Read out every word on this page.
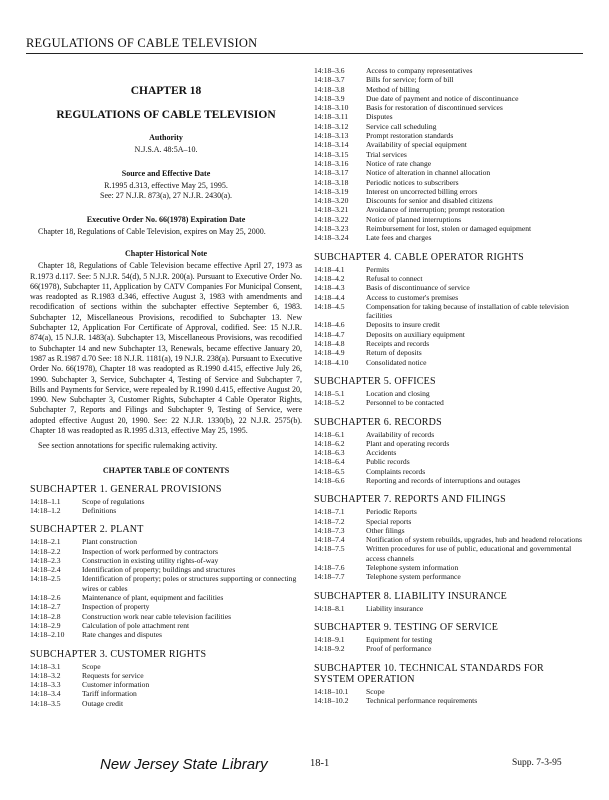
REGULATIONS OF CABLE TELEVISION
CHAPTER 18
REGULATIONS OF CABLE TELEVISION
Authority
N.J.S.A. 48:5A–10.
Source and Effective Date
R.1995 d.313, effective May 25, 1995.
See: 27 N.J.R. 873(a), 27 N.J.R. 2430(a).
Executive Order No. 66(1978) Expiration Date
Chapter 18, Regulations of Cable Television, expires on May 25, 2000.
Chapter Historical Note
Chapter 18, Regulations of Cable Television became effective April 27, 1973 as R.1973 d.117. See: 5 N.J.R. 54(d), 5 N.J.R. 200(a). Pursuant to Executive Order No. 66(1978), Subchapter 11, Application by CATV Companies For Municipal Consent, was readopted as R.1983 d.346, effective August 3, 1983 with amendments and recodification of sections within the subchapter effective September 6, 1983. Subchapter 12, Miscellaneous Provisions, recodified to Subchapter 13. New Subchapter 12, Application For Certificate of Approval, codified. See: 15 N.J.R. 874(a), 15 N.J.R. 1483(a). Subchapter 13, Miscellaneous Provisions, was recodified to Subchapter 14 and new Subchapter 13, Renewals, became effective January 20, 1987 as R.1987 d.70 See: 18 N.J.R. 1181(a), 19 N.J.R. 238(a). Pursuant to Executive Order No. 66(1978), Chapter 18 was readopted as R.1990 d.415, effective July 26, 1990. Subchapter 3, Service, Subchapter 4, Testing of Service and Subchapter 7, Bills and Payments for Service, were repealed by R.1990 d.415, effective August 20, 1990. New Subchapter 3, Customer Rights, Subchapter 4 Cable Operator Rights, Subchapter 7, Reports and Filings and Subchapter 9, Testing of Service, were adopted effective August 20, 1990. See: 22 N.J.R. 1330(b), 22 N.J.R. 2575(b). Chapter 18 was readopted as R.1995 d.313, effective May 25, 1995.
See section annotations for specific rulemaking activity.
CHAPTER TABLE OF CONTENTS
SUBCHAPTER 1. GENERAL PROVISIONS
14:18–1.1	Scope of regulations
14:18–1.2	Definitions
SUBCHAPTER 2. PLANT
14:18–2.1	Plant construction
14:18–2.2	Inspection of work performed by contractors
14:18–2.3	Construction in existing utility rights-of-way
14:18–2.4	Identification of property; buildings and structures
14:18–2.5	Identification of property; poles or structures supporting or connecting wires or cables
14:18–2.6	Maintenance of plant, equipment and facilities
14:18–2.7	Inspection of property
14:18–2.8	Construction work near cable television facilities
14:18–2.9	Calculation of pole attachment rent
14:18–2.10	Rate changes and disputes
SUBCHAPTER 3. CUSTOMER RIGHTS
14:18–3.1	Scope
14:18–3.2	Requests for service
14:18–3.3	Customer information
14:18–3.4	Tariff information
14:18–3.5	Outage credit
14:18–3.6	Access to company representatives
14:18–3.7	Bills for service; form of bill
14:18–3.8	Method of billing
14:18–3.9	Due date of payment and notice of discontinuance
14:18–3.10	Basis for restoration of discontinued services
14:18–3.11	Disputes
14:18–3.12	Service call scheduling
14:18–3.13	Prompt restoration standards
14:18–3.14	Availability of special equipment
14:18–3.15	Trial services
14:18–3.16	Notice of rate change
14:18–3.17	Notice of alteration in channel allocation
14:18–3.18	Periodic notices to subscribers
14:18–3.19	Interest on uncorrected billing errors
14:18–3.20	Discounts for senior and disabled citizens
14:18–3.21	Avoidance of interruption; prompt restoration
14:18–3.22	Notice of planned interruptions
14:18–3.23	Reimbursement for lost, stolen or damaged equipment
14:18–3.24	Late fees and charges
SUBCHAPTER 4. CABLE OPERATOR RIGHTS
14:18–4.1	Permits
14:18–4.2	Refusal to connect
14:18–4.3	Basis of discontinuance of service
14:18–4.4	Access to customer's premises
14:18–4.5	Compensation for taking because of installation of cable television facilities
14:18–4.6	Deposits to insure credit
14:18–4.7	Deposits on auxiliary equipment
14:18–4.8	Receipts and records
14:18–4.9	Return of deposits
14:18–4.10	Consolidated notice
SUBCHAPTER 5. OFFICES
14:18–5.1	Location and closing
14:18–5.2	Personnel to be contacted
SUBCHAPTER 6. RECORDS
14:18–6.1	Availability of records
14:18–6.2	Plant and operating records
14:18–6.3	Accidents
14:18–6.4	Public records
14:18–6.5	Complaints records
14:18–6.6	Reporting and records of interruptions and outages
SUBCHAPTER 7. REPORTS AND FILINGS
14:18–7.1	Periodic Reports
14:18–7.2	Special reports
14:18–7.3	Other filings
14:18–7.4	Notification of system rebuilds, upgrades, hub and headend relocations
14:18–7.5	Written procedures for use of public, educational and governmental access channels
14:18–7.6	Telephone system information
14:18–7.7	Telephone system performance
SUBCHAPTER 8. LIABILITY INSURANCE
14:18–8.1	Liability insurance
SUBCHAPTER 9. TESTING OF SERVICE
14:18–9.1	Equipment for testing
14:18–9.2	Proof of performance
SUBCHAPTER 10. TECHNICAL STANDARDS FOR SYSTEM OPERATION
14:18–10.1	Scope
14:18–10.2	Technical performance requirements
New Jersey State Library	18-1	Supp. 7-3-95
